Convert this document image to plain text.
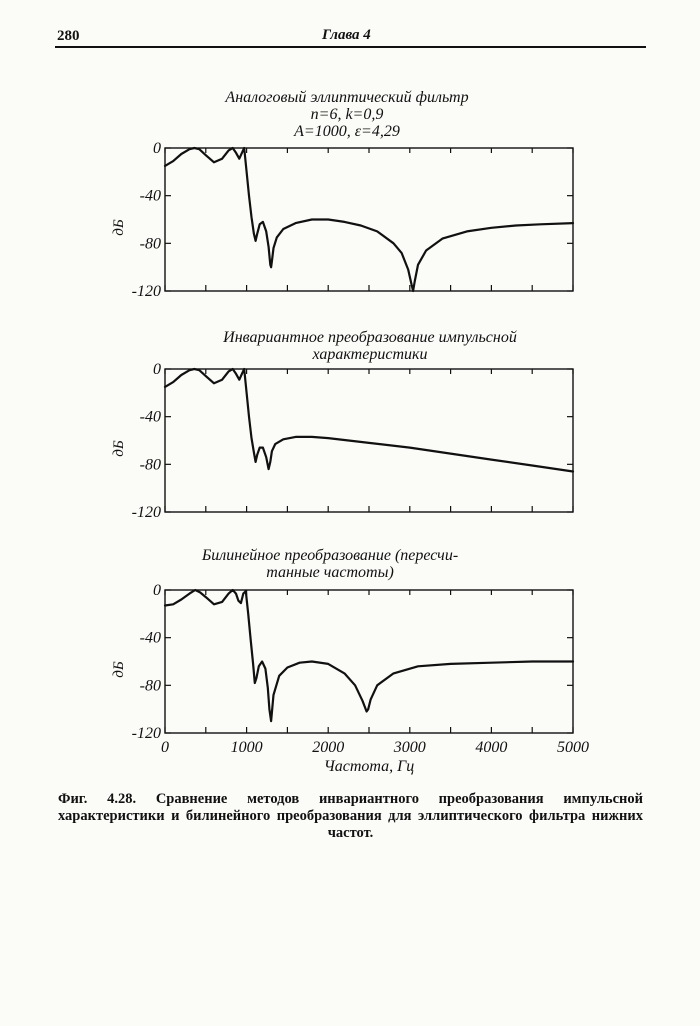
280	Глава 4
Аналоговый эллиптический фильтр
n=6, k=0,9
A=1000, ε=4,29
Инвариантное преобразование импульсной
характеристики
Билинейное преобразование (пересчи-
танные частоты)
0
-40
-80
-120
дБ
0
-40
-80
-120
дБ
0
-40
-80
-120
0	1000	2000	3000	4000	5000
дБ
Частота, Гц
Фиг. 4.28. Сравнение методов инвариантного преобразования импульсной характеристики и билинейного преобразования для эллиптического фильтра нижних частот.
